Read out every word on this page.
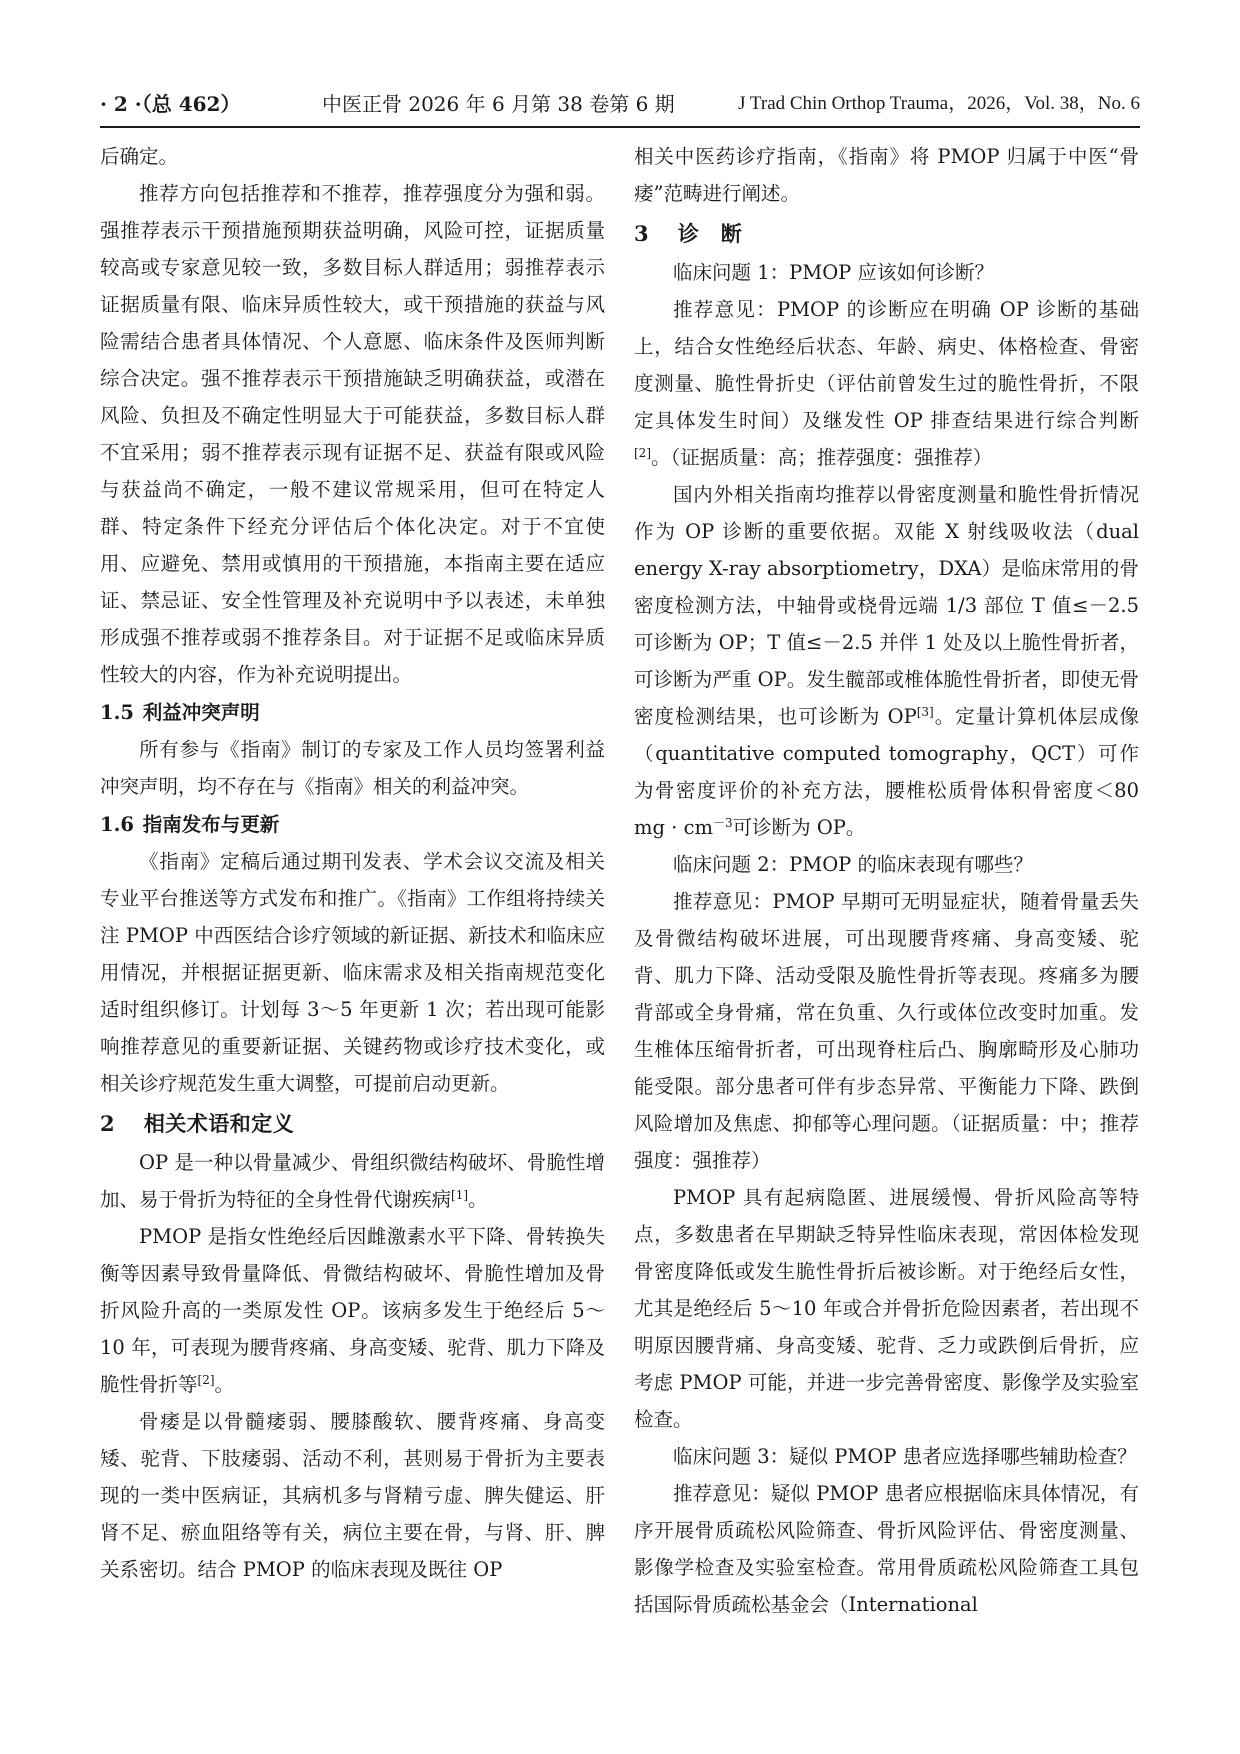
· 2 ·（总 462）	中医正骨 2026 年 6 月第 38 卷第 6 期	J Trad Chin Orthop Trauma，2026，Vol. 38，No. 6

后确定。

推荐方向包括推荐和不推荐，推荐强度分为强和弱。强推荐表示干预措施预期获益明确，风险可控，证据质量较高或专家意见较一致，多数目标人群适用；弱推荐表示证据质量有限、临床异质性较大，或干预措施的获益与风险需结合患者具体情况、个人意愿、临床条件及医师判断综合决定。强不推荐表示干预措施缺乏明确获益，或潜在风险、负担及不确定性明显大于可能获益，多数目标人群不宜采用；弱不推荐表示现有证据不足、获益有限或风险与获益尚不确定，一般不建议常规采用，但可在特定人群、特定条件下经充分评估后个体化决定。对于不宜使用、应避免、禁用或慎用的干预措施，本指南主要在适应证、禁忌证、安全性管理及补充说明中予以表述，未单独形成强不推荐或弱不推荐条目。对于证据不足或临床异质性较大的内容，作为补充说明提出。

1.5 利益冲突声明

所有参与《指南》制订的专家及工作人员均签署利益冲突声明，均不存在与《指南》相关的利益冲突。

1.6 指南发布与更新

《指南》定稿后通过期刊发表、学术会议交流及相关专业平台推送等方式发布和推广。《指南》工作组将持续关注 PMOP 中西医结合诊疗领域的新证据、新技术和临床应用情况，并根据证据更新、临床需求及相关指南规范变化适时组织修订。计划每 3～5 年更新 1 次；若出现可能影响推荐意见的重要新证据、关键药物或诊疗技术变化，或相关诊疗规范发生重大调整，可提前启动更新。

2 相关术语和定义

OP 是一种以骨量减少、骨组织微结构破坏、骨脆性增加、易于骨折为特征的全身性骨代谢疾病[1]。

PMOP 是指女性绝经后因雌激素水平下降、骨转换失衡等因素导致骨量降低、骨微结构破坏、骨脆性增加及骨折风险升高的一类原发性 OP。该病多发生于绝经后 5～10 年，可表现为腰背疼痛、身高变矮、驼背、肌力下降及脆性骨折等[2]。

骨痿是以骨髓痿弱、腰膝酸软、腰背疼痛、身高变矮、驼背、下肢痿弱、活动不利，甚则易于骨折为主要表现的一类中医病证，其病机多与肾精亏虚、脾失健运、肝肾不足、瘀血阻络等有关，病位主要在骨，与肾、肝、脾关系密切。结合 PMOP 的临床表现及既往 OP

相关中医药诊疗指南，《指南》将 PMOP 归属于中医“骨痿”范畴进行阐述。

3 诊　断

临床问题 1：PMOP 应该如何诊断？

推荐意见：PMOP 的诊断应在明确 OP 诊断的基础上，结合女性绝经后状态、年龄、病史、体格检查、骨密度测量、脆性骨折史（评估前曾发生过的脆性骨折，不限定具体发生时间）及继发性 OP 排查结果进行综合判断[2]。（证据质量：高；推荐强度：强推荐）

国内外相关指南均推荐以骨密度测量和脆性骨折情况作为 OP 诊断的重要依据。双能 X 射线吸收法（dual energy X-ray absorptiometry，DXA）是临床常用的骨密度检测方法，中轴骨或桡骨远端 1/3 部位 T 值≤－2.5 可诊断为 OP；T 值≤－2.5 并伴 1 处及以上脆性骨折者，可诊断为严重 OP。发生髋部或椎体脆性骨折者，即使无骨密度检测结果，也可诊断为 OP[3]。定量计算机体层成像（quantitative computed tomography，QCT）可作为骨密度评价的补充方法，腰椎松质骨体积骨密度＜80 mg · $cm^{-3}$可诊断为 OP。

临床问题 2：PMOP 的临床表现有哪些？

推荐意见：PMOP 早期可无明显症状，随着骨量丢失及骨微结构破坏进展，可出现腰背疼痛、身高变矮、驼背、肌力下降、活动受限及脆性骨折等表现。疼痛多为腰背部或全身骨痛，常在负重、久行或体位改变时加重。发生椎体压缩骨折者，可出现脊柱后凸、胸廓畸形及心肺功能受限。部分患者可伴有步态异常、平衡能力下降、跌倒风险增加及焦虑、抑郁等心理问题。（证据质量：中；推荐强度：强推荐）

PMOP 具有起病隐匿、进展缓慢、骨折风险高等特点，多数患者在早期缺乏特异性临床表现，常因体检发现骨密度降低或发生脆性骨折后被诊断。对于绝经后女性，尤其是绝经后 5～10 年或合并骨折危险因素者，若出现不明原因腰背痛、身高变矮、驼背、乏力或跌倒后骨折，应考虑 PMOP 可能，并进一步完善骨密度、影像学及实验室检查。

临床问题 3：疑似 PMOP 患者应选择哪些辅助检查？

推荐意见：疑似 PMOP 患者应根据临床具体情况，有序开展骨质疏松风险筛查、骨折风险评估、骨密度测量、影像学检查及实验室检查。常用骨质疏松风险筛查工具包括国际骨质疏松基金会（International
